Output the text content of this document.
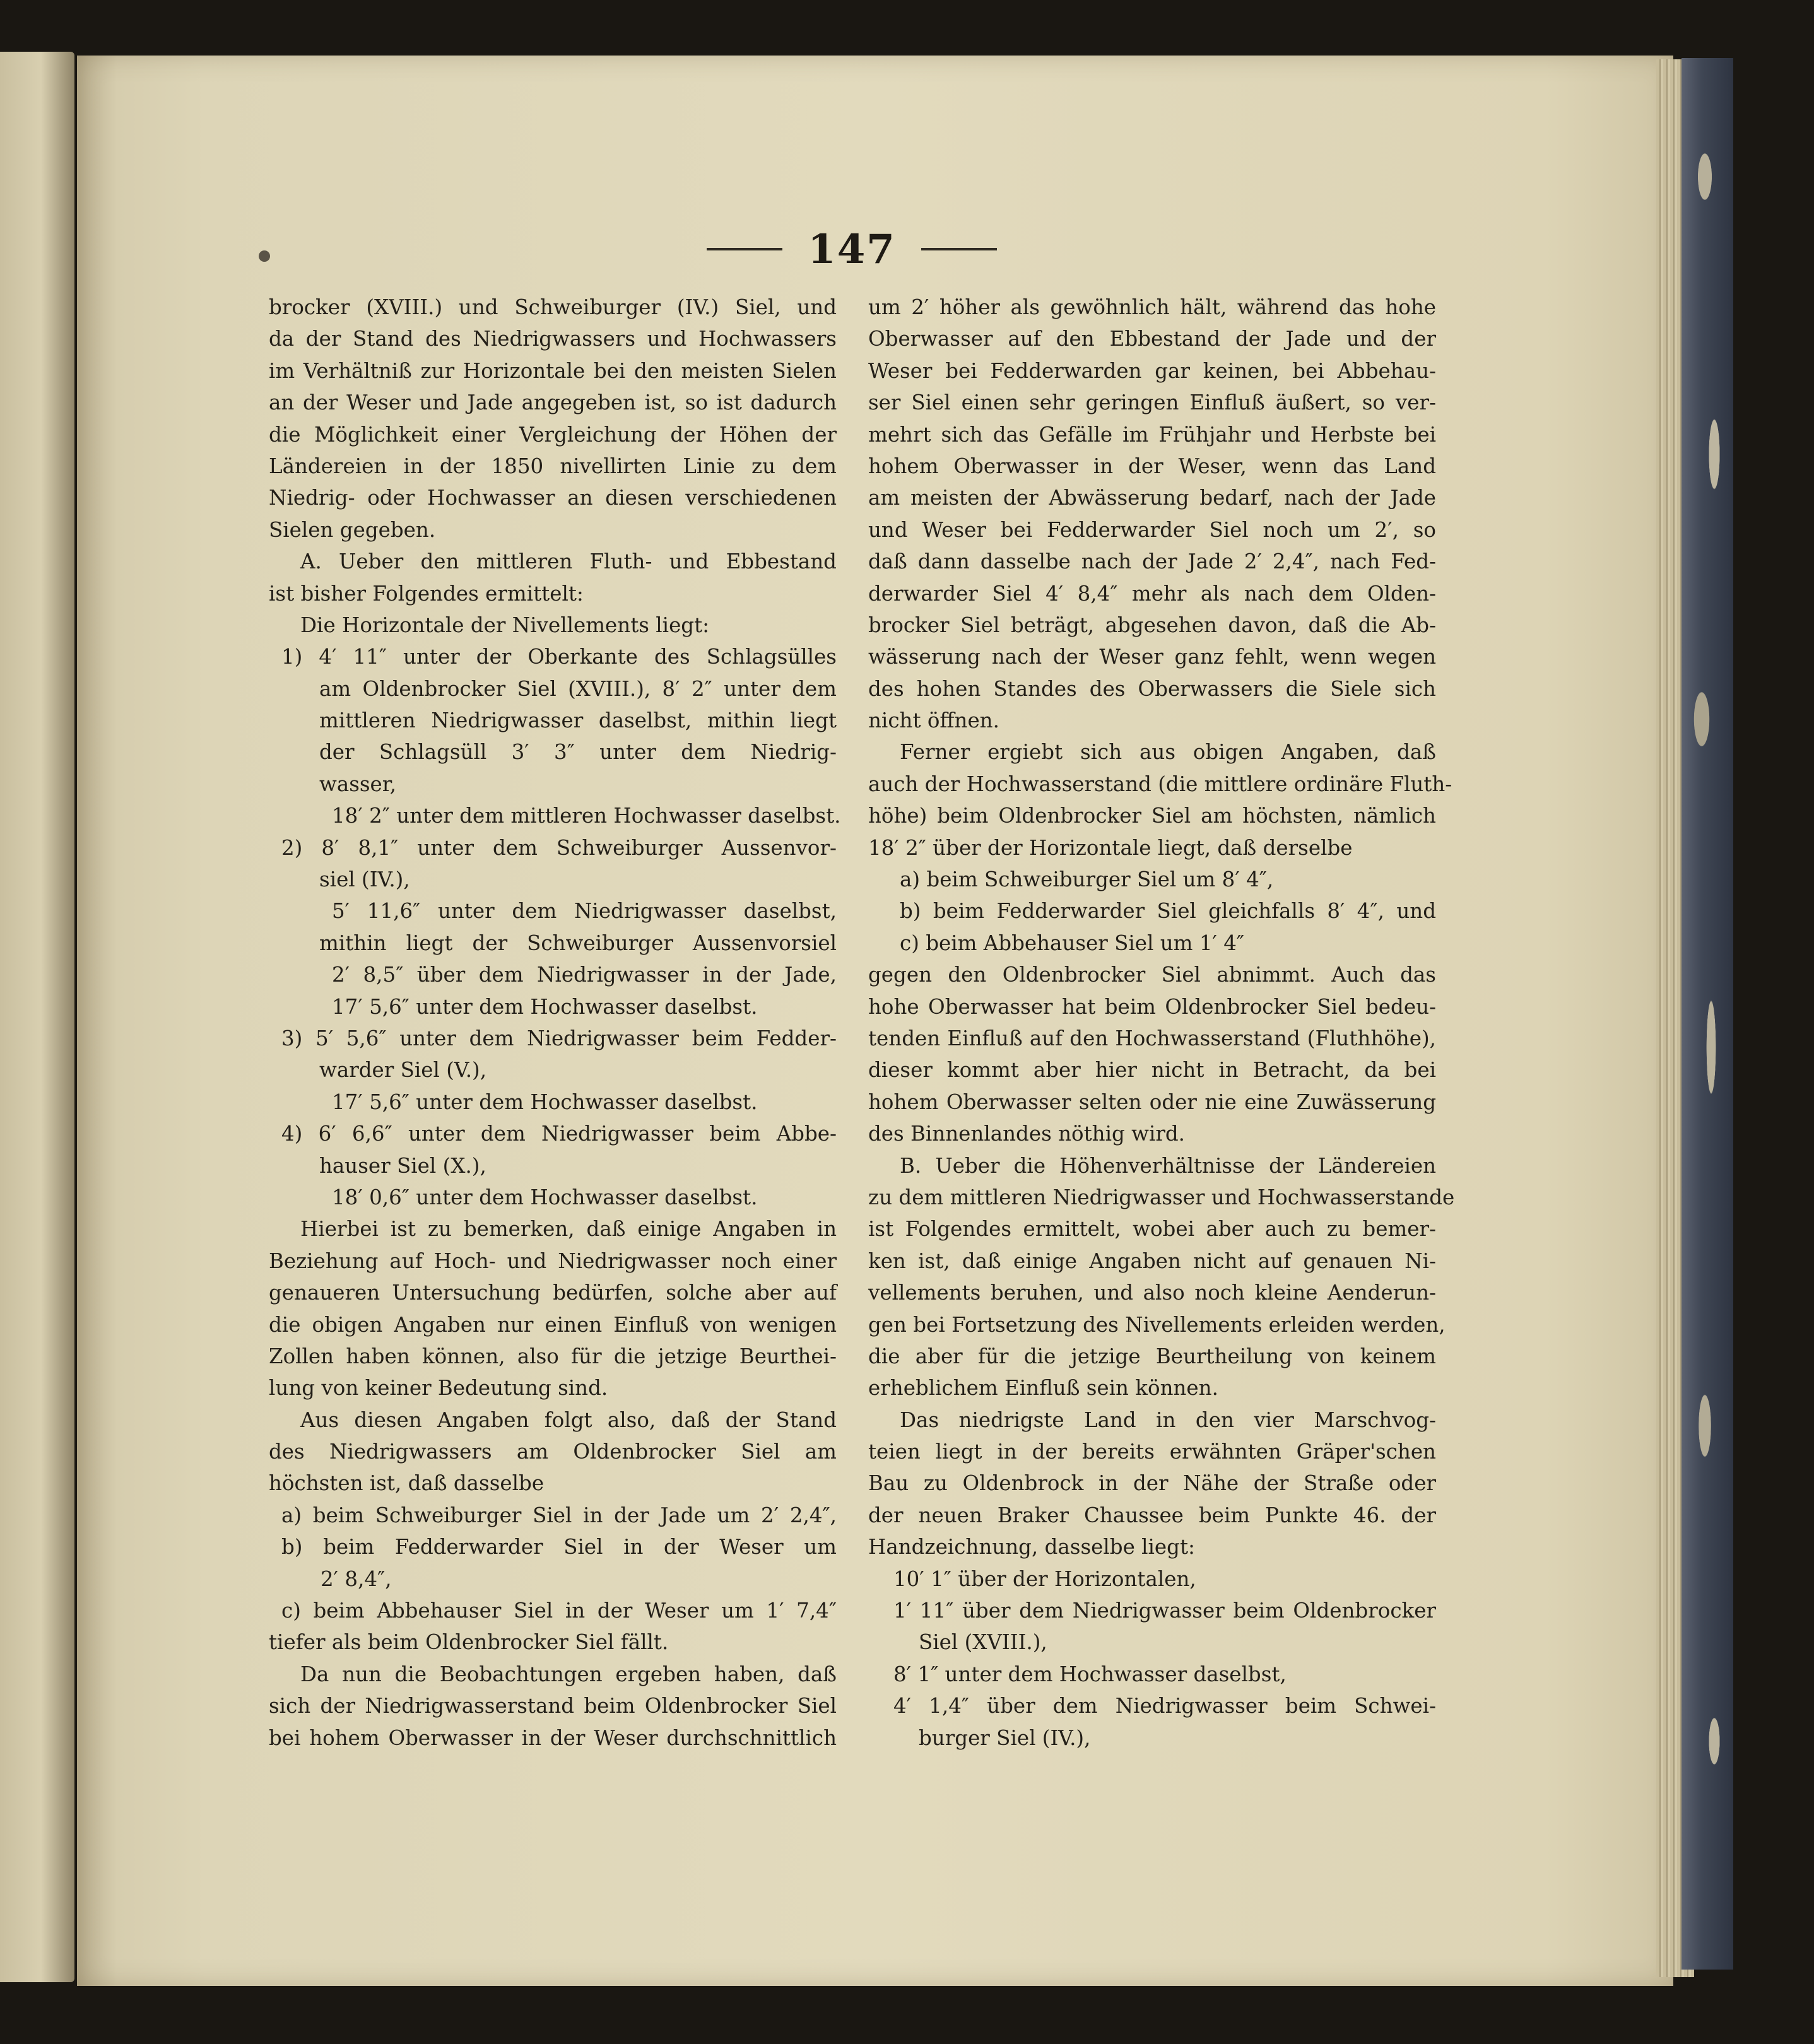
147
brocker (XVIII.) und Schweiburger (IV.) Siel, und
da der Stand des Niedrigwassers und Hochwassers
im Verhältniß zur Horizontale bei den meisten Sielen
an der Weser und Jade angegeben ist, so ist dadurch
die Möglichkeit einer Vergleichung der Höhen der
Ländereien in der 1850 nivellirten Linie zu dem
Niedrig- oder Hochwasser an diesen verschiedenen
Sielen gegeben.
A. Ueber den mittleren Fluth- und Ebbestand
ist bisher Folgendes ermittelt:
Die Horizontale der Nivellements liegt:
1) 4′ 11″ unter der Oberkante des Schlagsülles
am Oldenbrocker Siel (XVIII.), 8′ 2″ unter dem
mittleren Niedrigwasser daselbst, mithin liegt
der Schlagsüll 3′ 3″ unter dem Niedrig-
wasser,
18′ 2″ unter dem mittleren Hochwasser daselbst.
2) 8′ 8,1″ unter dem Schweiburger Aussenvor-
siel (IV.),
5′ 11,6″ unter dem Niedrigwasser daselbst,
mithin liegt der Schweiburger Aussenvorsiel
2′ 8,5″ über dem Niedrigwasser in der Jade,
17′ 5,6″ unter dem Hochwasser daselbst.
3) 5′ 5,6″ unter dem Niedrigwasser beim Fedder-
warder Siel (V.),
17′ 5,6″ unter dem Hochwasser daselbst.
4) 6′ 6,6″ unter dem Niedrigwasser beim Abbe-
hauser Siel (X.),
18′ 0,6″ unter dem Hochwasser daselbst.
Hierbei ist zu bemerken, daß einige Angaben in
Beziehung auf Hoch- und Niedrigwasser noch einer
genaueren Untersuchung bedürfen, solche aber auf
die obigen Angaben nur einen Einfluß von wenigen
Zollen haben können, also für die jetzige Beurthei-
lung von keiner Bedeutung sind.
Aus diesen Angaben folgt also, daß der Stand
des Niedrigwassers am Oldenbrocker Siel am
höchsten ist, daß dasselbe
a) beim Schweiburger Siel in der Jade um 2′ 2,4″,
b) beim Fedderwarder Siel in der Weser um
2′ 8,4″,
c) beim Abbehauser Siel in der Weser um 1′ 7,4″
tiefer als beim Oldenbrocker Siel fällt.
Da nun die Beobachtungen ergeben haben, daß
sich der Niedrigwasserstand beim Oldenbrocker Siel
bei hohem Oberwasser in der Weser durchschnittlich
um 2′ höher als gewöhnlich hält, während das hohe
Oberwasser auf den Ebbestand der Jade und der
Weser bei Fedderwarden gar keinen, bei Abbehau-
ser Siel einen sehr geringen Einfluß äußert, so ver-
mehrt sich das Gefälle im Frühjahr und Herbste bei
hohem Oberwasser in der Weser, wenn das Land
am meisten der Abwässerung bedarf, nach der Jade
und Weser bei Fedderwarder Siel noch um 2′, so
daß dann dasselbe nach der Jade 2′ 2,4″, nach Fed-
derwarder Siel 4′ 8,4″ mehr als nach dem Olden-
brocker Siel beträgt, abgesehen davon, daß die Ab-
wässerung nach der Weser ganz fehlt, wenn wegen
des hohen Standes des Oberwassers die Siele sich
nicht öffnen.
Ferner ergiebt sich aus obigen Angaben, daß
auch der Hochwasserstand (die mittlere ordinäre Fluth-
höhe) beim Oldenbrocker Siel am höchsten, nämlich
18′ 2″ über der Horizontale liegt, daß derselbe
a) beim Schweiburger Siel um 8′ 4″,
b) beim Fedderwarder Siel gleichfalls 8′ 4″, und
c) beim Abbehauser Siel um 1′ 4″
gegen den Oldenbrocker Siel abnimmt. Auch das
hohe Oberwasser hat beim Oldenbrocker Siel bedeu-
tenden Einfluß auf den Hochwasserstand (Fluthhöhe),
dieser kommt aber hier nicht in Betracht, da bei
hohem Oberwasser selten oder nie eine Zuwässerung
des Binnenlandes nöthig wird.
B. Ueber die Höhenverhältnisse der Ländereien
zu dem mittleren Niedrigwasser und Hochwasserstande
ist Folgendes ermittelt, wobei aber auch zu bemer-
ken ist, daß einige Angaben nicht auf genauen Ni-
vellements beruhen, und also noch kleine Aenderun-
gen bei Fortsetzung des Nivellements erleiden werden,
die aber für die jetzige Beurtheilung von keinem
erheblichem Einfluß sein können.
Das niedrigste Land in den vier Marschvog-
teien liegt in der bereits erwähnten Gräper'schen
Bau zu Oldenbrock in der Nähe der Straße oder
der neuen Braker Chaussee beim Punkte 46. der
Handzeichnung, dasselbe liegt:
10′ 1″ über der Horizontalen,
1′ 11″ über dem Niedrigwasser beim Oldenbrocker
Siel (XVIII.),
8′ 1″ unter dem Hochwasser daselbst,
4′ 1,4″ über dem Niedrigwasser beim Schwei-
burger Siel (IV.),
